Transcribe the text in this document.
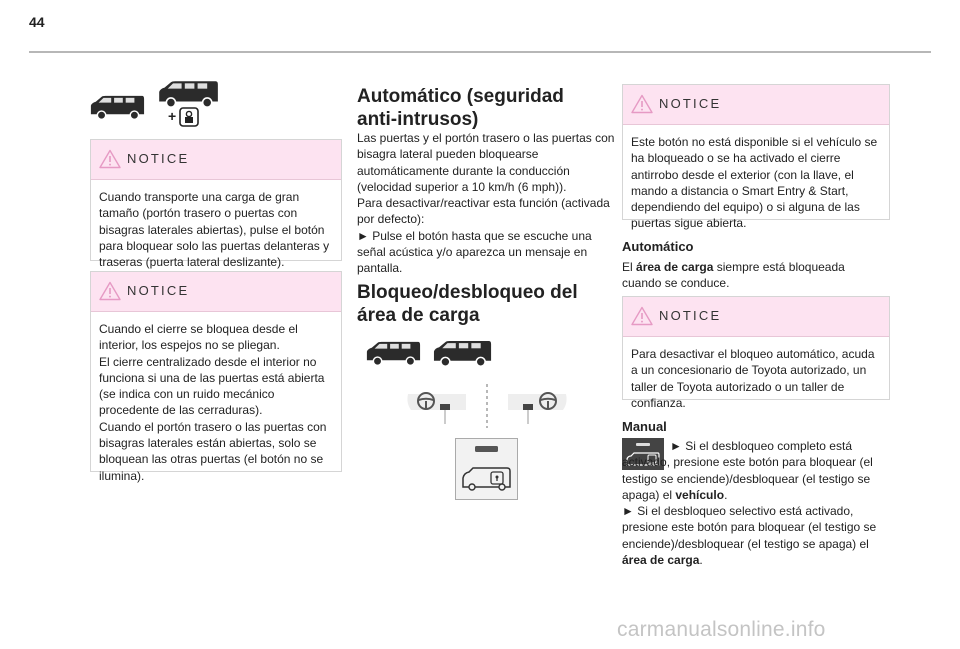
44
+
NOTICE

Cuando transporte una carga de gran tamaño (portón trasero o puertas con bisagras laterales abiertas), pulse el botón para bloquear solo las puertas delanteras y traseras (puerta lateral deslizante).

NOTICE

Cuando el cierre se bloquea desde el interior, los espejos no se pliegan.

El cierre centralizado desde el interior no funciona si una de las puertas está abierta (se indica con un ruido mecánico procedente de las cerraduras).

Cuando el portón trasero o las puertas con bisagras laterales están abiertas, solo se bloquean las otras puertas (el botón no se ilumina).

Automático (seguridad anti-intrusos)

Las puertas y el portón trasero o las puertas con bisagra lateral pueden bloquearse automáticamente durante la conducción (velocidad superior a 10 km/h (6 mph)).

Para desactivar/reactivar esta función (activada por defecto):

► Pulse el botón hasta que se escuche una señal acústica y/o aparezca un mensaje en pantalla.

Bloqueo/desbloqueo del área de carga
NOTICE

Este botón no está disponible si el vehículo se ha bloqueado o se ha activado el cierre antirrobo desde el exterior (con la llave, el mando a distancia o Smart Entry & Start, dependiendo del equipo) o si alguna de las puertas sigue abierta.

Automático

El área de carga siempre está bloqueada cuando se conduce.

NOTICE

Para desactivar el bloqueo automático, acuda a un concesionario de Toyota autorizado, un taller de Toyota autorizado o un taller de confianza.

Manual

► Si el desbloqueo completo está activado, presione este botón para bloquear (el testigo se enciende)/desbloquear (el testigo se apaga) el vehículo.

► Si el desbloqueo selectivo está activado, presione este botón para bloquear (el testigo se enciende)/desbloquear (el testigo se apaga) el área de carga.

carmanualsonline.info
